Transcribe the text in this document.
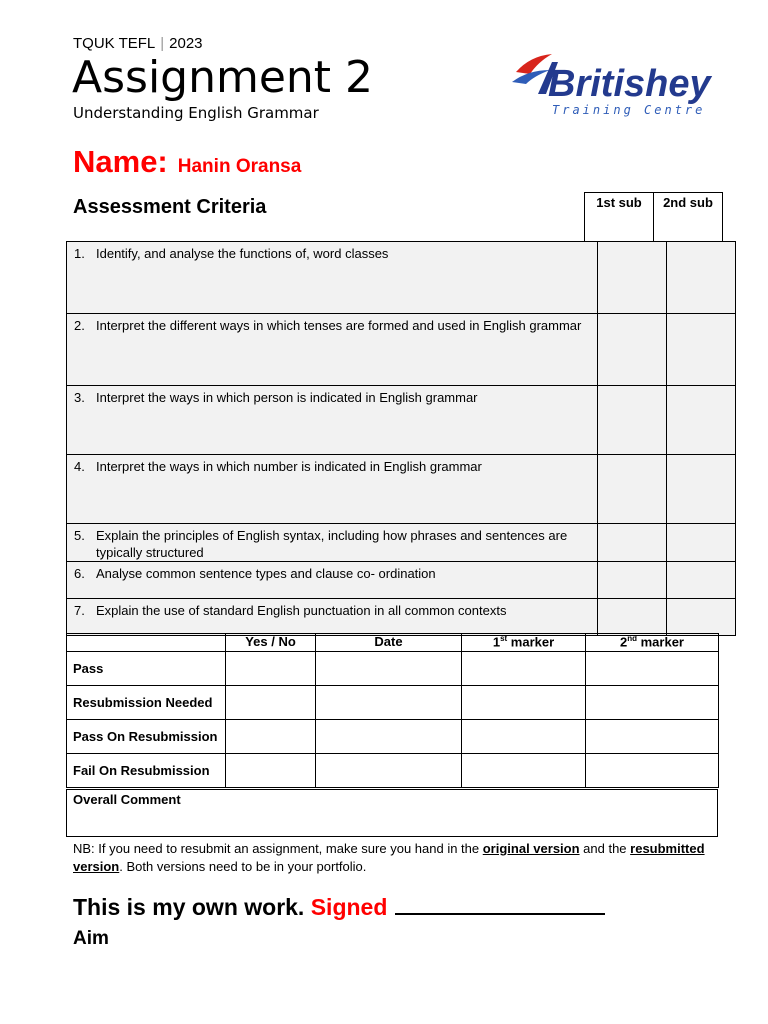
TQUK TEFL | 2023
Assignment 2
Understanding English Grammar
Britishey
Training Centre
Name: Hanin Oransa
Assessment Criteria	1st sub	2nd sub
1. Identify, and analyse the functions of, word classes		

2. Interpret the different ways in which tenses are formed and used in English grammar		

3. Interpret the ways in which person is indicated in English grammar		

4. Interpret the ways in which number is indicated in English grammar		

5. Explain the principles of English syntax, including how phrases and sentences are typically structured		

6. Analyse common sentence types and clause co- ordination		

7. Explain the use of standard English punctuation in all common contexts		

	Yes / No	Date	1st marker	2nd marker
Pass				
Resubmission Needed				
Pass On Resubmission				
Fail On Resubmission				
Overall Comment
NB: If you need to resubmit an assignment, make sure you hand in the original version and the resubmitted version. Both versions need to be in your portfolio.
This is my own work. Signed
Aim
